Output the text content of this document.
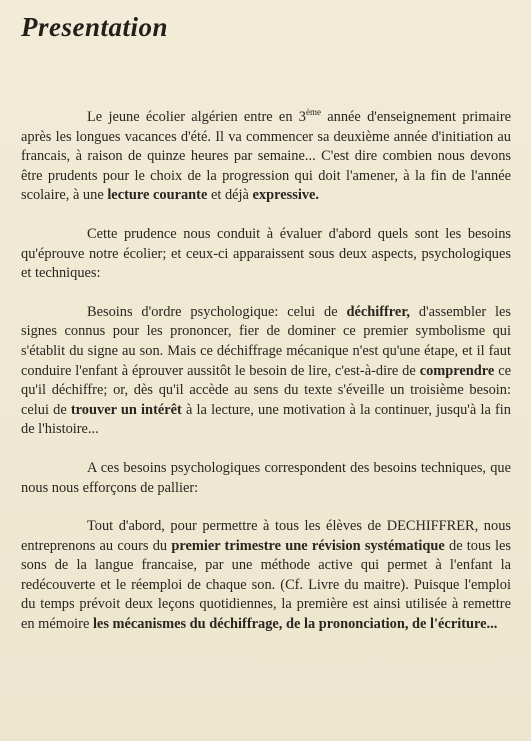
Presentation

Le jeune écolier algérien entre en 3ème année d'enseignement primaire après les longues vacances d'été. Il va commencer sa deuxième année d'initiation au francais, à raison de quinze heures par semaine... C'est dire combien nous devons être prudents pour le choix de la progression qui doit l'amener, à la fin de l'année scolaire, à une lecture courante et déjà expressive.

Cette prudence nous conduit à évaluer d'abord quels sont les besoins qu'éprouve notre écolier; et ceux-ci apparaissent sous deux aspects, psychologiques et techniques:

Besoins d'ordre psychologique: celui de déchiffrer, d'assembler les signes connus pour les prononcer, fier de dominer ce premier symbolisme qui s'établit du signe au son. Mais ce déchiffrage mécanique n'est qu'une étape, et il faut conduire l'enfant à éprouver aussitôt le besoin de lire, c'est-à-dire de comprendre ce qu'il déchiffre; or, dès qu'il accède au sens du texte s'éveille un troisième besoin: celui de trouver un intérêt à la lecture, une motivation à la continuer, jusqu'à la fin de l'histoire...

A ces besoins psychologiques correspondent des besoins techniques, que nous nous efforçons de pallier:

Tout d'abord, pour permettre à tous les élèves de DECHIFFRER, nous entreprenons au cours du premier trimestre une révision systématique de tous les sons de la langue francaise, par une méthode active qui permet à l'enfant la redécouverte et le réemploi de chaque son. (Cf. Livre du maitre). Puisque l'emploi du temps prévoit deux leçons quotidiennes, la première est ainsi utilisée à remettre en mémoire les mécanismes du déchiffrage, de la prononciation, de l'écriture...
